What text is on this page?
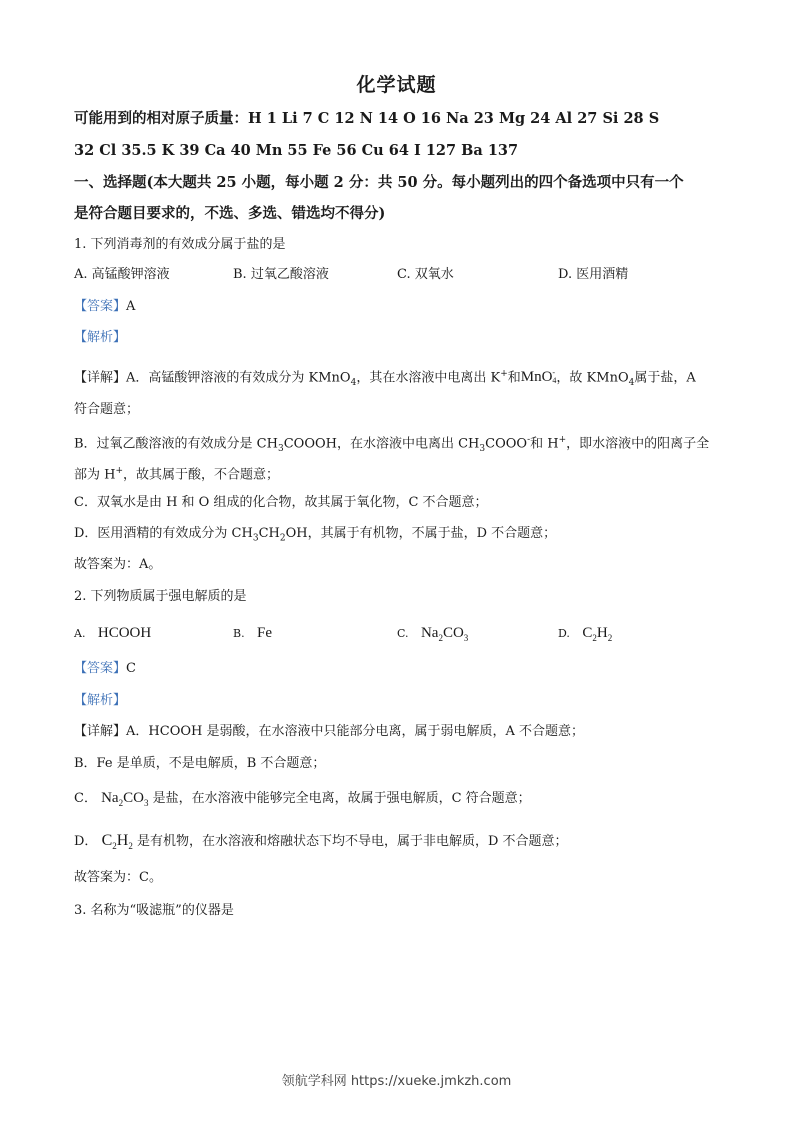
化学试题
可能用到的相对原子质量：H 1 Li 7 C 12 N 14 O 16 Na 23 Mg 24 Al 27 Si 28 S
32 Cl 35.5 K 39 Ca 40 Mn 55 Fe 56 Cu 64 I 127 Ba 137
一、选择题(本大题共 25 小题，每小题 2 分：共 50 分。每小题列出的四个备选项中只有一个
是符合题目要求的，不选、多选、错选均不得分)
1. 下列消毒剂的有效成分属于盐的是
A. 高锰酸钾溶液	B. 过氧乙酸溶液	C. 双氧水	D. 医用酒精
【答案】A
【解析】
【详解】A．高锰酸钾溶液的有效成分为 KMnO$_4$，其在水溶液中电离出 K+和MnO -
4 ，故 KMnO$_4$属于盐，A
符合题意；
B．过氧乙酸溶液的有效成分是 $CH_3COOOH$，在水溶液中电离出 $CH_3COOO^-$和 H+，即水溶液中的阳离子全
部为 H+，故其属于酸，不合题意；
C．双氧水是由 H 和 O 组成的化合物，故其属于氧化物，C 不合题意；
D．医用酒精的有效成分为 $CH_3CH_2OH$，其属于有机物，不属于盐，D 不合题意；
故答案为：A。
2. 下列物质属于强电解质的是
A. HCOOH	B. Fe	C. $Na_2CO_3$	D. $C_2H_2$
【答案】C
【解析】
【详解】A．HCOOH 是弱酸，在水溶液中只能部分电离，属于弱电解质，A 不合题意；
B．Fe 是单质，不是电解质，B 不合题意；
C． $Na_2CO_3$ 是盐，在水溶液中能够完全电离，故属于强电解质，C 符合题意；
D． $C_2H_2$ 是有机物，在水溶液和熔融状态下均不导电，属于非电解质，D 不合题意；
故答案为：C。
3. 名称为“吸滤瓶”的仪器是
领航学科网 https://xueke.jmkzh.com
